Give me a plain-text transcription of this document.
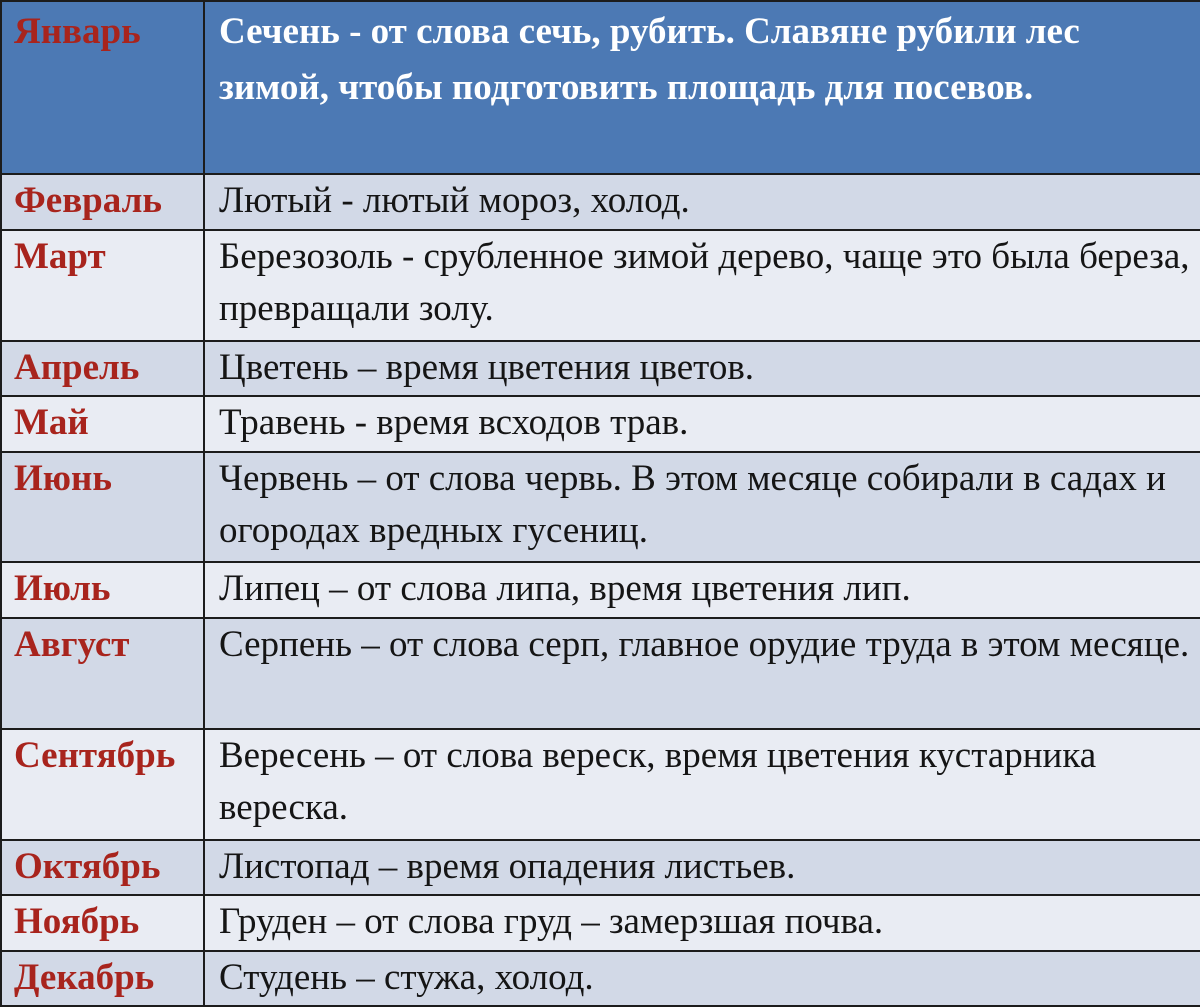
Январь	Сечень - от слова сечь, рубить. Славяне рубили лес зимой, чтобы подготовить площадь для посевов.
Февраль	Лютый - лютый мороз, холод.
Март	Березозоль - срубленное зимой дерево, чаще это была береза, превращали золу.
Апрель	Цветень – время цветения цветов.
Май	Травень - время всходов трав.
Июнь	Червень – от слова червь. В этом месяце собирали в садах и огородах вредных гусениц.
Июль	Липец – от слова липа, время цветения лип.
Август	Серпень – от слова серп, главное орудие труда в этом месяце.
Сентябрь	Вересень – от слова вереск, время цветения кустарника вереска.
Октябрь	Листопад – время опадения листьев.
Ноябрь	Груден – от слова груд – замерзшая почва.
Декабрь	Студень – стужа, холод.
